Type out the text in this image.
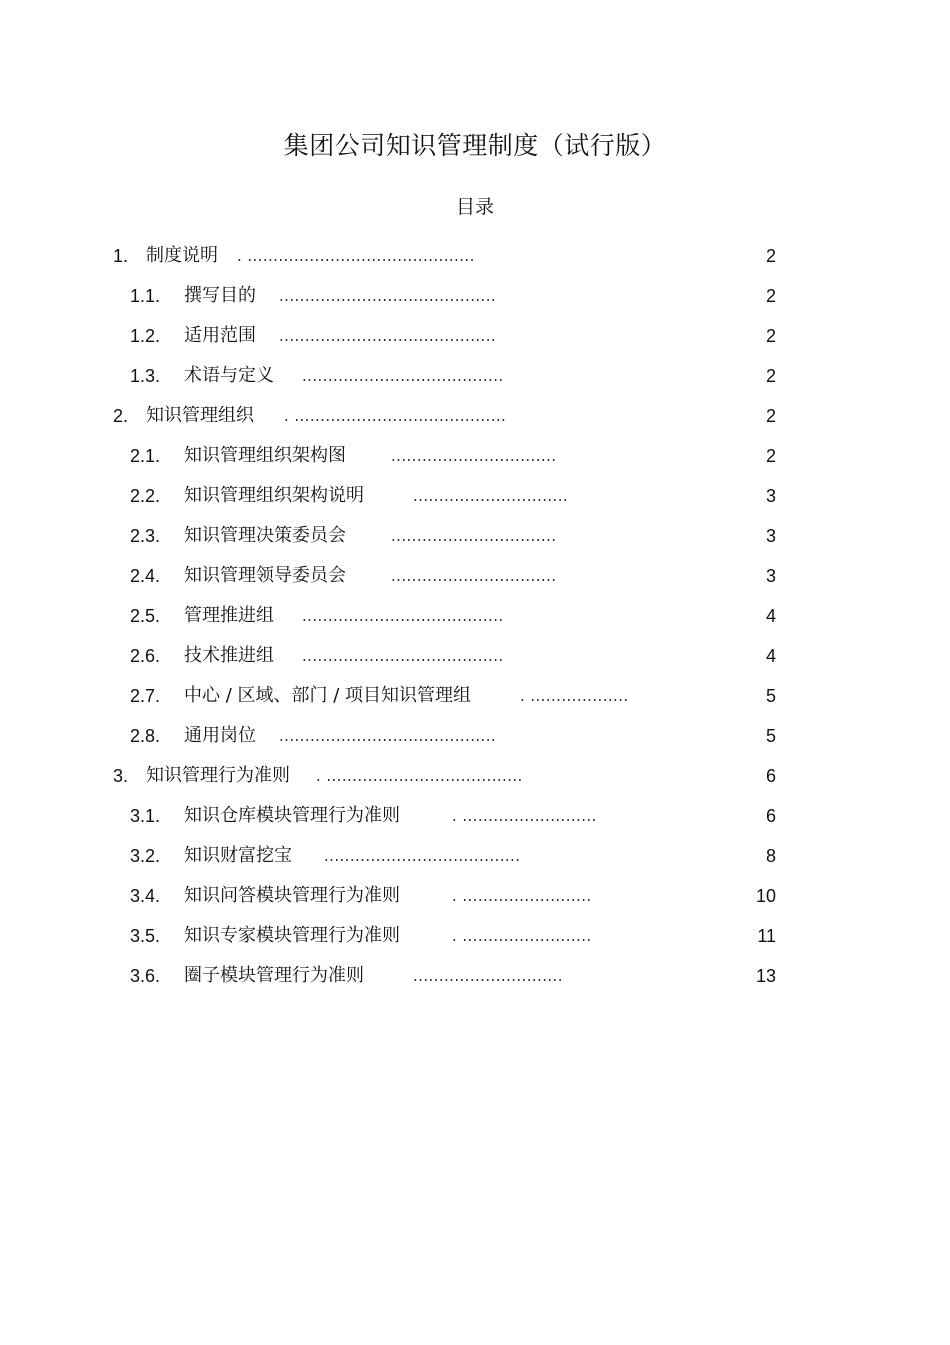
集团公司知识管理制度（试行版）
目录
1. 制度说明 . ............................................	2
1.1. 撰写目的 ..........................................	2
1.2. 适用范围 ..........................................	2
1.3. 术语与定义 .......................................	2
2. 知识管理组织 . .........................................	2
2.1. 知识管理组织架构图	................................	2
2.2. 知识管理组织架构说明	..............................	3
2.3. 知识管理决策委员会	................................	3
2.4. 知识管理领导委员会	................................	3
2.5. 管理推进组 .......................................	4
2.6. 技术推进组 .......................................	4
2.7. 中心 / 区域、部门 / 项目知识管理组	. ...................	5
2.8. 通用岗位 ..........................................	5
3. 知识管理行为准则 . ......................................	6
3.1. 知识仓库模块管理行为准则	. ..........................	6
3.2. 知识财富挖宝 ......................................	8
3.4. 知识问答模块管理行为准则	. .........................	10
3.5. 知识专家模块管理行为准则	. .........................	11
3.6. 圈子模块管理行为准则	.............................	13
